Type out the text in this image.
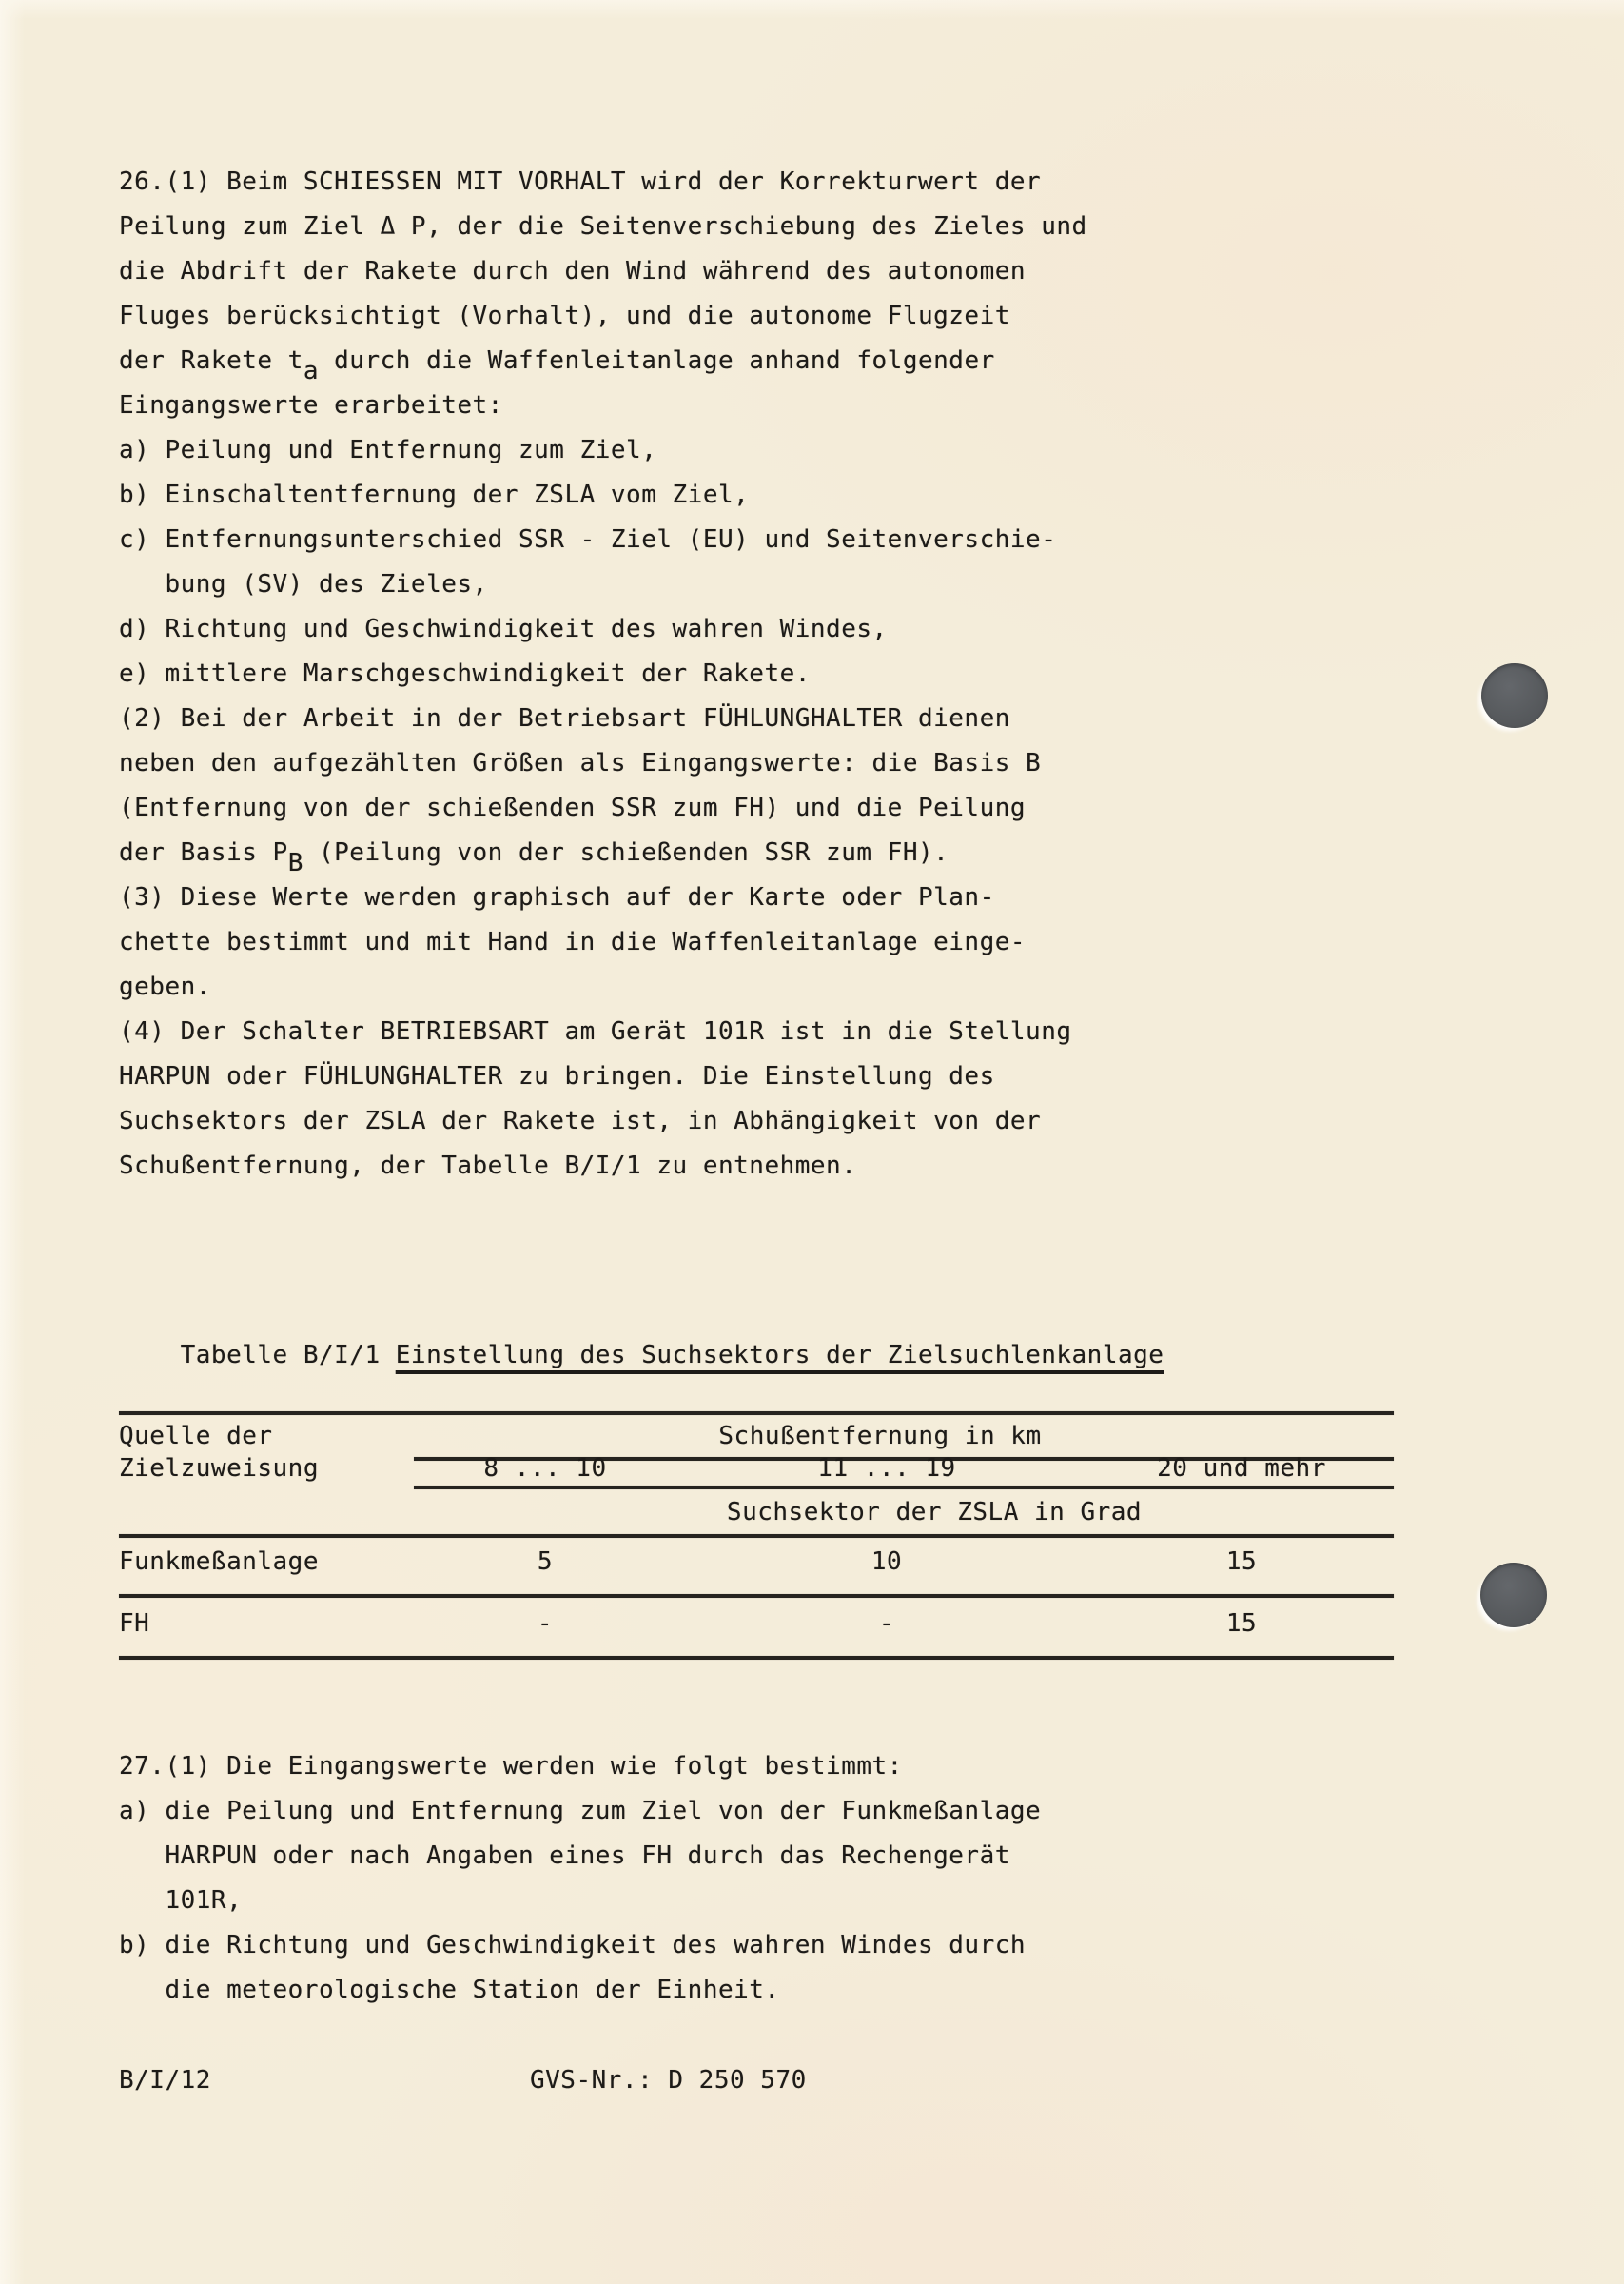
26.(1) Beim SCHIESSEN MIT VORHALT wird der Korrekturwert der
Peilung zum Ziel Δ P, der die Seitenverschiebung des Zieles und
die Abdrift der Rakete durch den Wind während des autonomen
Fluges berücksichtigt (Vorhalt), und die autonome Flugzeit
der Rakete ta durch die Waffenleitanlage anhand folgender
Eingangswerte erarbeitet:
a) Peilung und Entfernung zum Ziel,
b) Einschaltentfernung der ZSLA vom Ziel,
c) Entfernungsunterschied SSR - Ziel (EU) und Seitenverschie-
bung (SV) des Zieles,
d) Richtung und Geschwindigkeit des wahren Windes,
e) mittlere Marschgeschwindigkeit der Rakete.
(2) Bei der Arbeit in der Betriebsart FÜHLUNGHALTER dienen
neben den aufgezählten Größen als Eingangswerte: die Basis B
(Entfernung von der schießenden SSR zum FH) und die Peilung
der Basis PB (Peilung von der schießenden SSR zum FH).
(3) Diese Werte werden graphisch auf der Karte oder Plan-
chette bestimmt und mit Hand in die Waffenleitanlage einge-
geben.
(4) Der Schalter BETRIEBSART am Gerät 101R ist in die Stellung
HARPUN oder FÜHLUNGHALTER zu bringen. Die Einstellung des
Suchsektors der ZSLA der Rakete ist, in Abhängigkeit von der
Schußentfernung, der Tabelle B/I/1 zu entnehmen.

Tabelle B/I/1 Einstellung des Suchsektors der Zielsuchlenkanlage

Quelle der	Schußentfernung in km
Zielzuweisung	8 ... 10	11 ... 19	20 und mehr
Suchsektor der ZSLA in Grad
Funkmeßanlage	5	10	15
FH	-	-	15
27.(1) Die Eingangswerte werden wie folgt bestimmt:
a) die Peilung und Entfernung zum Ziel von der Funkmeßanlage
HARPUN oder nach Angaben eines FH durch das Rechengerät
101R,
b) die Richtung und Geschwindigkeit des wahren Windes durch
die meteorologische Station der Einheit.
B/I/12	GVS-Nr.: D 250 570
